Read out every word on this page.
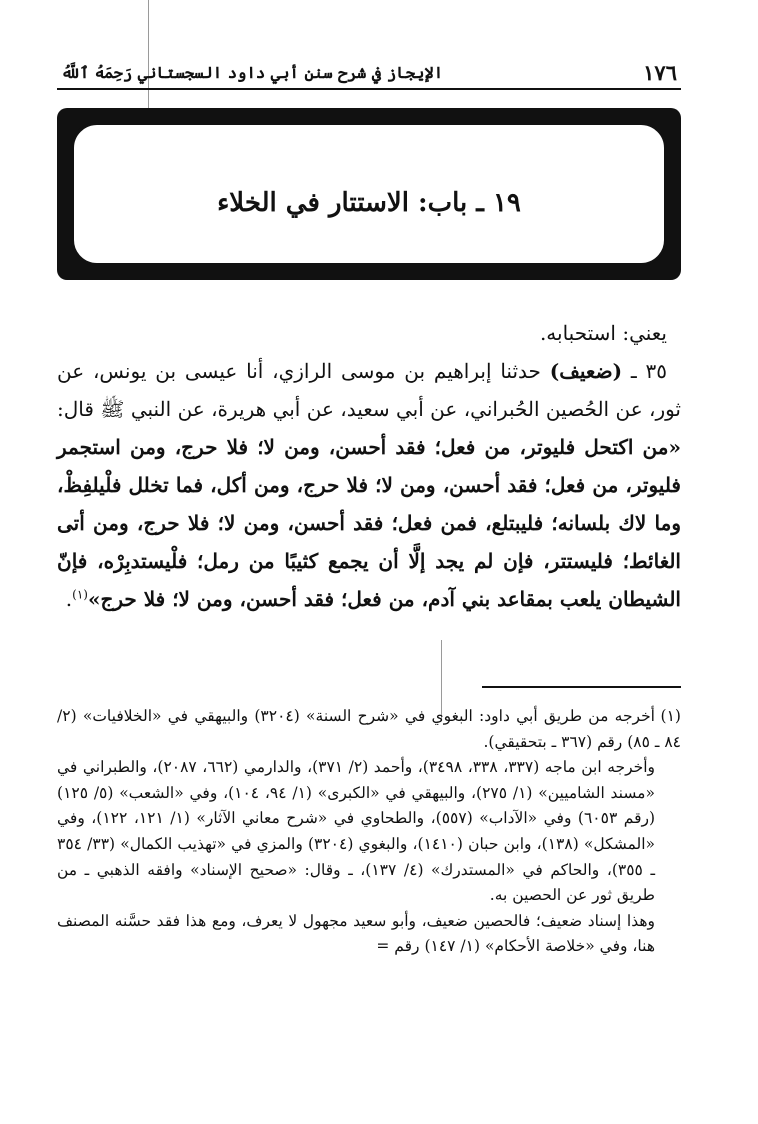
١٧٦
الإيجاز في شرح سنن أبي داود السجستاني رَحِمَهُ ٱللَّهُ
١٩ ـ باب: الاستتار في الخلاء

يعني: استحبابه.

٣٥ ـ (ضعيف) حدثنا إبراهيم بن موسى الرازي، أنا عيسى بن يونس، عن ثور، عن الحُصين الحُبراني، عن أبي سعيد، عن أبي هريرة، عن النبي ﷺ قال: «من اكتحل فليوتر، من فعل؛ فقد أحسن، ومن لا؛ فلا حرج، ومن استجمر فليوتر، من فعل؛ فقد أحسن، ومن لا؛ فلا حرج، ومن أكل، فما تخلل فلْيلفِظْ، وما لاك بلسانه؛ فليبتلع، فمن فعل؛ فقد أحسن، ومن لا؛ فلا حرج، ومن أتى الغائط؛ فليستتر، فإن لم يجد إلَّا أن يجمع كثيبًا من رمل؛ فلْيستدبِرْه، فإنّ الشيطان يلعب بمقاعد بني آدم، من فعل؛ فقد أحسن، ومن لا؛ فلا حرج»$^{(١)}$.

(١)أخرجه من طريق أبي داود: البغوي في «شرح السنة» (٣٢٠٤) والبيهقي في «الخلافيات» (٢/ ٨٤ ـ ٨٥) رقم (٣٦٧ ـ بتحقيقي).

وأخرجه ابن ماجه (٣٣٧، ٣٣٨، ٣٤٩٨)، وأحمد (٢/ ٣٧١)، والدارمي (٦٦٢، ٢٠٨٧)، والطبراني في «مسند الشاميين» (١/ ٢٧٥)، والبيهقي في «الكبرى» (١/ ٩٤، ١٠٤)، وفي «الشعب» (٥/ ١٢٥) (رقم ٦٠٥٣) وفي «الآداب» (٥٥٧)، والطحاوي في «شرح معاني الآثار» (١/ ١٢١، ١٢٢)، وفي «المشكل» (١٣٨)، وابن حبان (١٤١٠)، والبغوي (٣٢٠٤) والمزي في «تهذيب الكمال» (٣٣/ ٣٥٤ ـ ٣٥٥)، والحاكم في «المستدرك» (٤/ ١٣٧)، ـ وقال: «صحيح الإسناد» وافقه الذهبي ـ من طريق ثور عن الحصين به.

وهذا إسناد ضعيف؛ فالحصين ضعيف، وأبو سعيد مجهول لا يعرف، ومع هذا فقد حسَّنه المصنف هنا، وفي «خلاصة الأحكام» (١/ ١٤٧) رقم =
